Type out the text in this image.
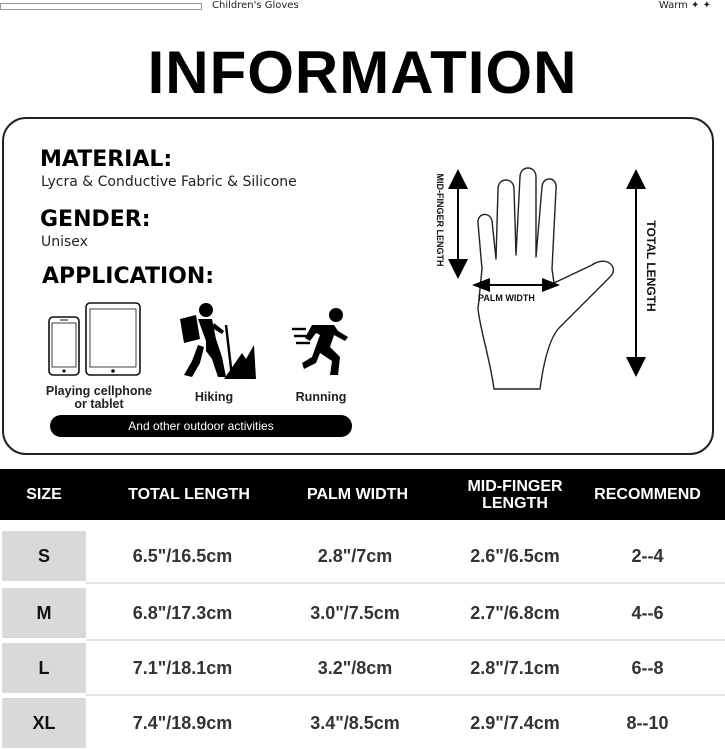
Children's Gloves	Warm ✦ ✦
INFORMATION
MATERIAL:
Lycra & Conductive Fabric & Silicone
GENDER:
Unisex
APPLICATION:
Playing cellphone
or tablet	Hiking	Running
And other outdoor activities
MID-FINGER LENGTH
PALM WIDTH	TOTAL LENGTH
SIZE	TOTAL LENGTH	PALM WIDTH	MID-FINGER LENGTH	RECOMMEND
S	6.5"/16.5cm	2.8"/7cm	2.6"/6.5cm	2--4
M	6.8"/17.3cm	3.0"/7.5cm	2.7"/6.8cm	4--6
L	7.1"/18.1cm	3.2"/8cm	2.8"/7.1cm	6--8
XL	7.4"/18.9cm	3.4"/8.5cm	2.9"/7.4cm	8--10
